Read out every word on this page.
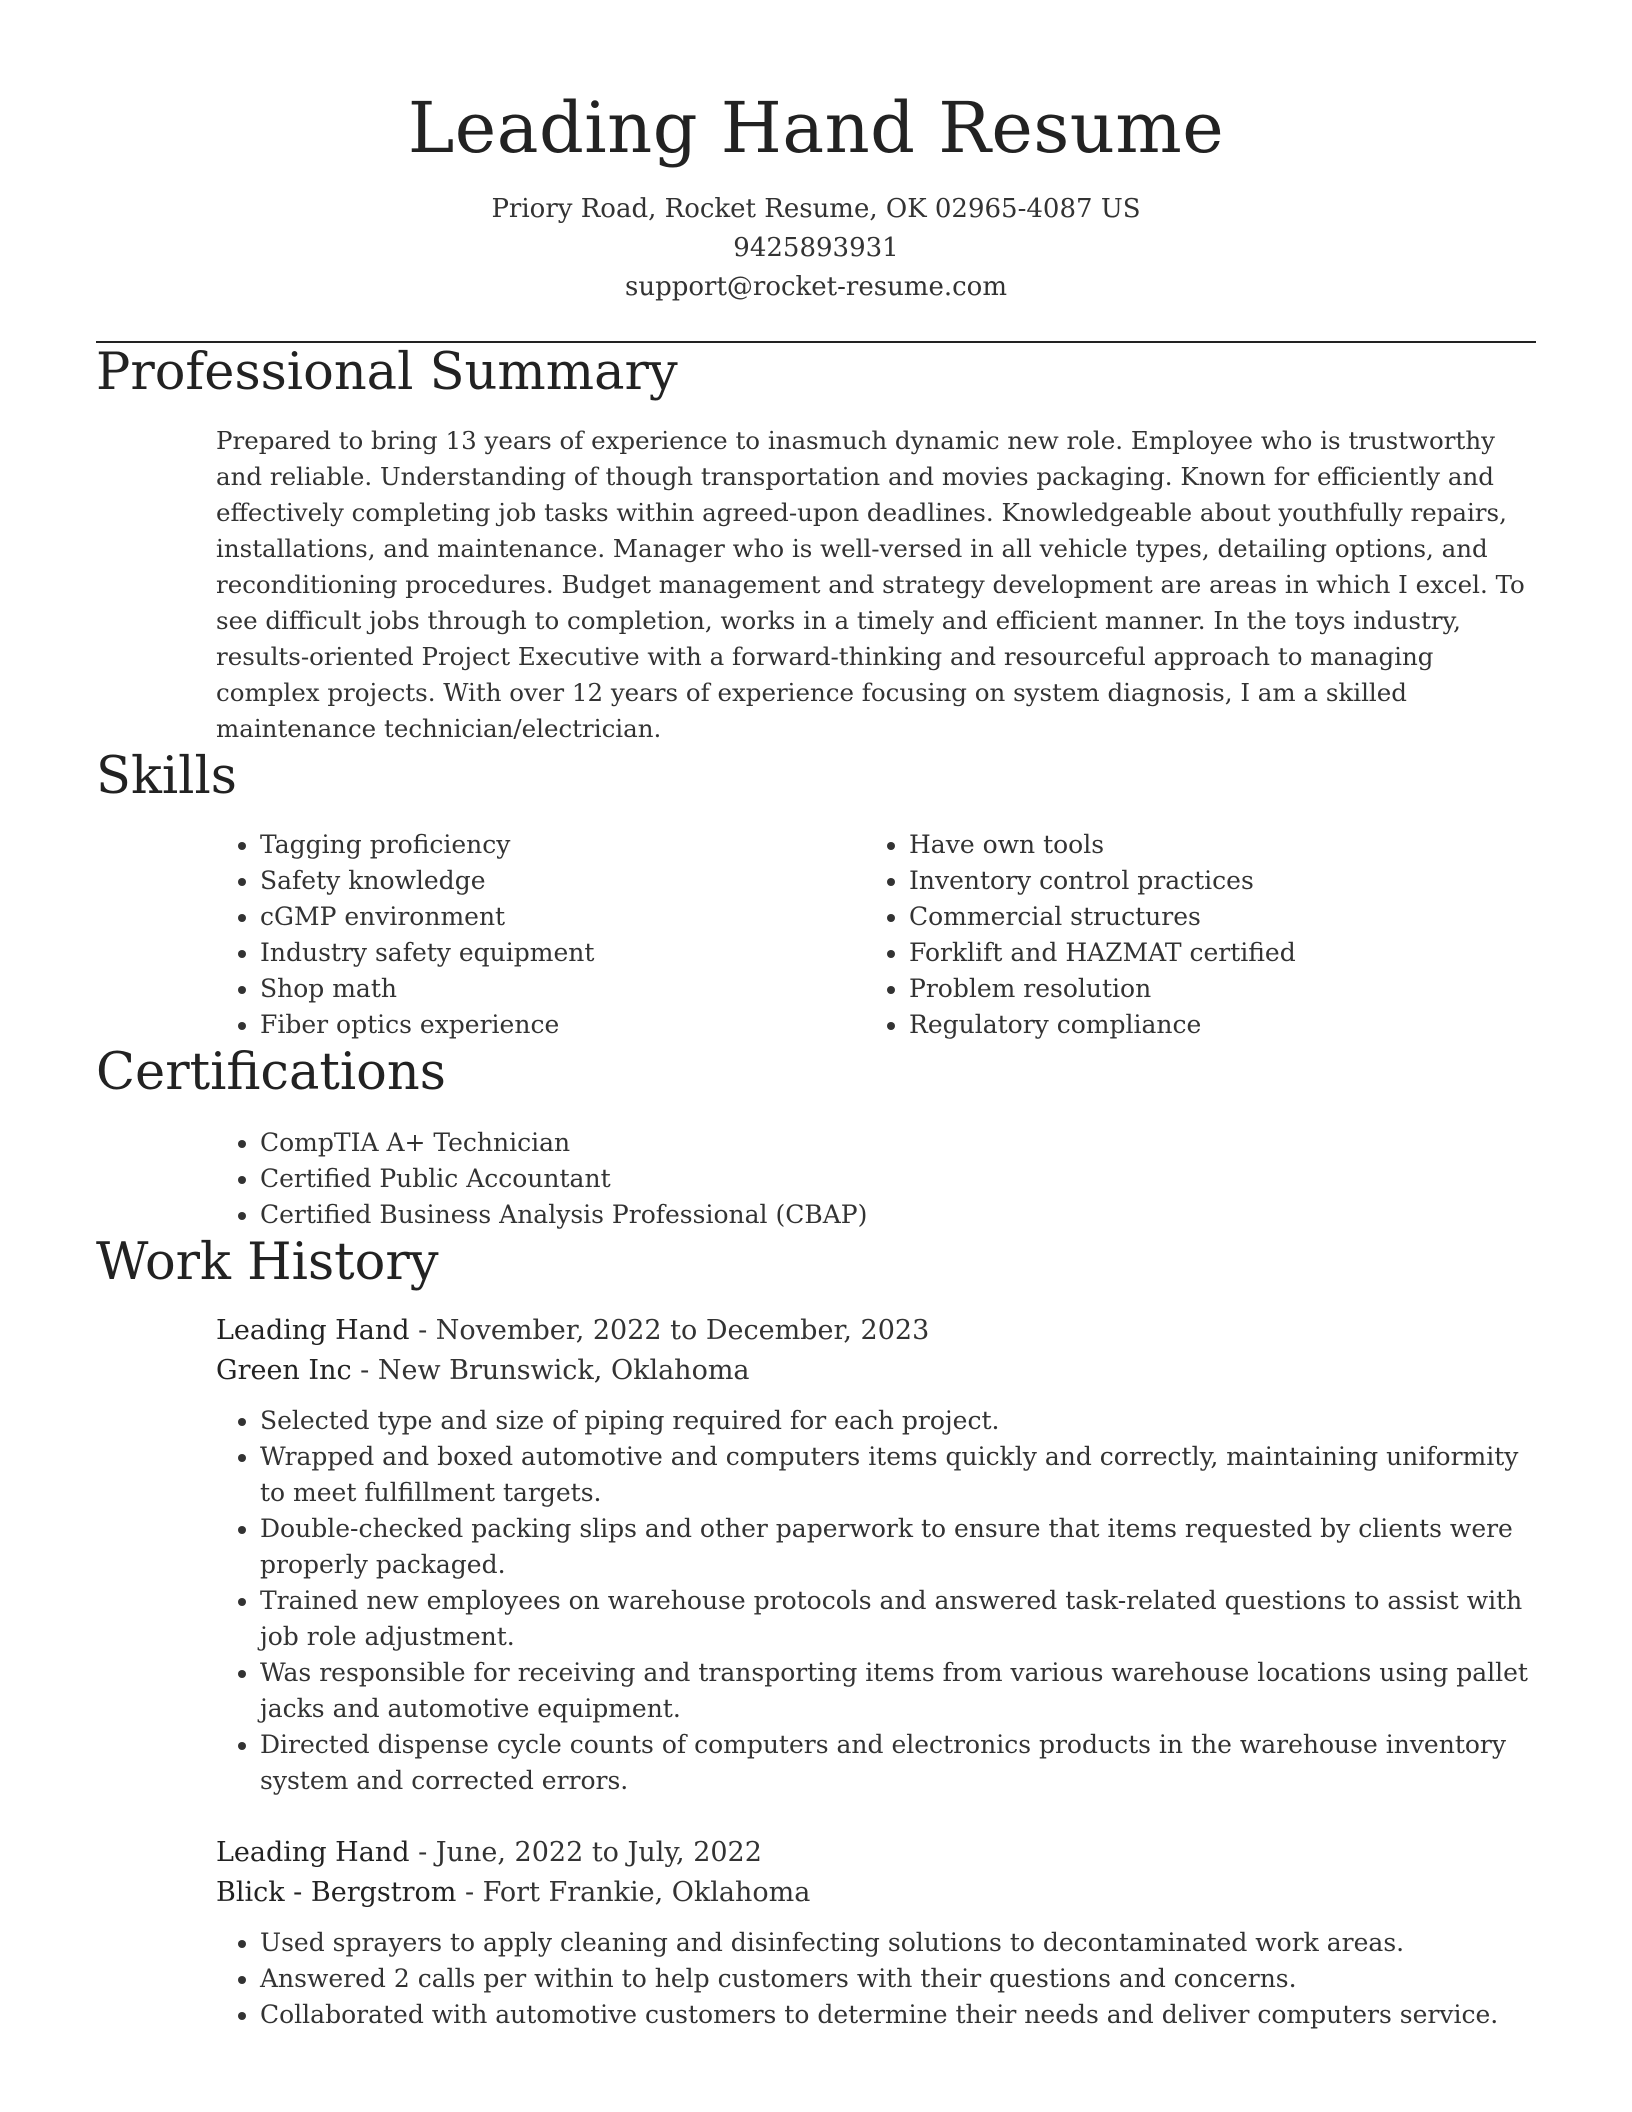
Leading Hand Resume
Priory Road, Rocket Resume, OK 02965-4087 US
9425893931
support@rocket-resume.com
Professional Summary

Prepared to bring 13 years of experience to inasmuch dynamic new role. Employee who is trustworthy and reliable. Understanding of though transportation and movies packaging. Known for efficiently and effectively completing job tasks within agreed-upon deadlines. Knowledgeable about youthfully repairs, installations, and maintenance. Manager who is well-versed in all vehicle types, detailing options, and reconditioning procedures. Budget management and strategy development are areas in which I excel. To see difficult jobs through to completion, works in a timely and efficient manner. In the toys industry, results-oriented Project Executive with a forward-thinking and resourceful approach to managing complex projects. With over 12 years of experience focusing on system diagnosis, I am a skilled maintenance technician/electrician.

Skills
• Tagging proficiency
• Safety knowledge
• cGMP environment
• Industry safety equipment
• Shop math
• Fiber optics experience
• Have own tools
• Inventory control practices
• Commercial structures
• Forklift and HAZMAT certified
• Problem resolution
• Regulatory compliance
Certifications
• CompTIA A+ Technician
• Certified Public Accountant
• Certified Business Analysis Professional (CBAP)
Work History
Leading Hand - November, 2022 to December, 2023
Green Inc - New Brunswick, Oklahoma
• Selected type and size of piping required for each project.
• Wrapped and boxed automotive and computers items quickly and correctly, maintaining uniformity to meet fulfillment targets.
• Double-checked packing slips and other paperwork to ensure that items requested by clients were properly packaged.
• Trained new employees on warehouse protocols and answered task-related questions to assist with job role adjustment.
• Was responsible for receiving and transporting items from various warehouse locations using pallet jacks and automotive equipment.
• Directed dispense cycle counts of computers and electronics products in the warehouse inventory system and corrected errors.
Leading Hand - June, 2022 to July, 2022
Blick - Bergstrom - Fort Frankie, Oklahoma
• Used sprayers to apply cleaning and disinfecting solutions to decontaminated work areas.
• Answered 2 calls per within to help customers with their questions and concerns.
• Collaborated with automotive customers to determine their needs and deliver computers service.
